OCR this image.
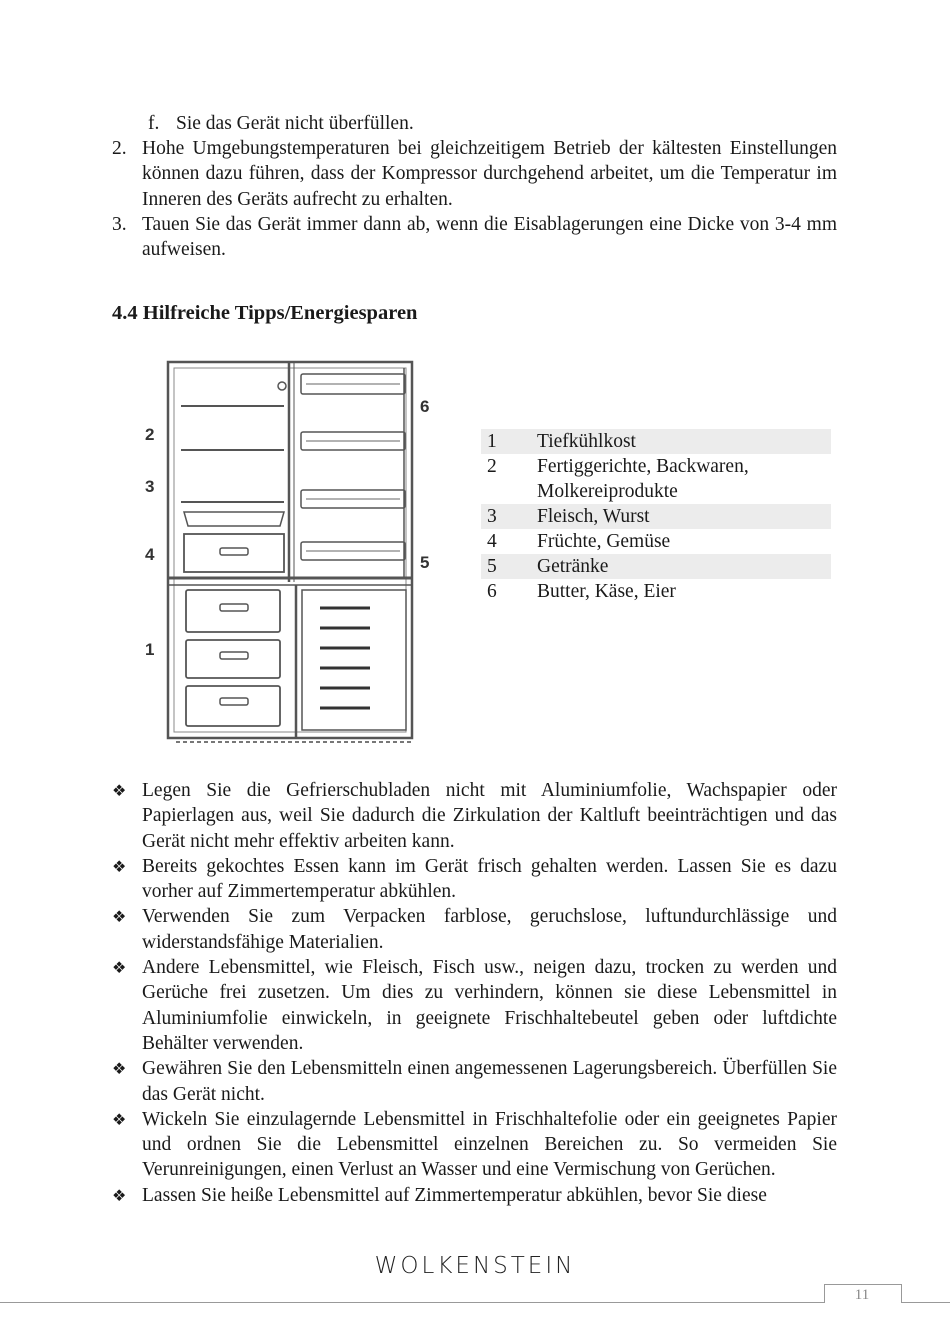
f. Sie das Gerät nicht überfüllen.
2. Hohe Umgebungstemperaturen bei gleichzeitigem Betrieb der kältesten Einstellungen können dazu führen, dass der Kompressor durchgehend arbeitet, um die Temperatur im Inneren des Geräts aufrecht zu erhalten.
3. Tauen Sie das Gerät immer dann ab, wenn die Eisablagerungen eine Dicke von 3-4 mm aufweisen.
4.4 Hilfreiche Tipps/Energiesparen
2
3
4
1
6
5
1	Tiefkühlkost
2	Fertiggerichte, Backwaren, Molkereiprodukte
3	Fleisch, Wurst
4	Früchte, Gemüse
5	Getränke
6	Butter, Käse, Eier
❖ Legen Sie die Gefrierschubladen nicht mit Aluminiumfolie, Wachspapier oder Papierlagen aus, weil Sie dadurch die Zirkulation der Kaltluft beeinträchtigen und das Gerät nicht mehr effektiv arbeiten kann.
❖ Bereits gekochtes Essen kann im Gerät frisch gehalten werden. Lassen Sie es dazu vorher auf Zimmertemperatur abkühlen.
❖ Verwenden Sie zum Verpacken farblose, geruchslose, luftundurchlässige und widerstandsfähige Materialien.
❖ Andere Lebensmittel, wie Fleisch, Fisch usw., neigen dazu, trocken zu werden und Gerüche frei zusetzen. Um dies zu verhindern, können sie diese Lebensmittel in Aluminiumfolie einwickeln, in geeignete Frischhaltebeutel geben oder luftdichte Behälter verwenden.
❖ Gewähren Sie den Lebensmitteln einen angemessenen Lagerungsbereich. Überfüllen Sie das Gerät nicht.
❖ Wickeln Sie einzulagernde Lebensmittel in Frischhaltefolie oder ein geeignetes Papier und ordnen Sie die Lebensmittel einzelnen Bereichen zu. So vermeiden Sie Verunreinigungen, einen Verlust an Wasser und eine Vermischung von Gerüchen.
❖ Lassen Sie heiße Lebensmittel auf Zimmertemperatur abkühlen, bevor Sie diese
WOLKENSTEIN
11
